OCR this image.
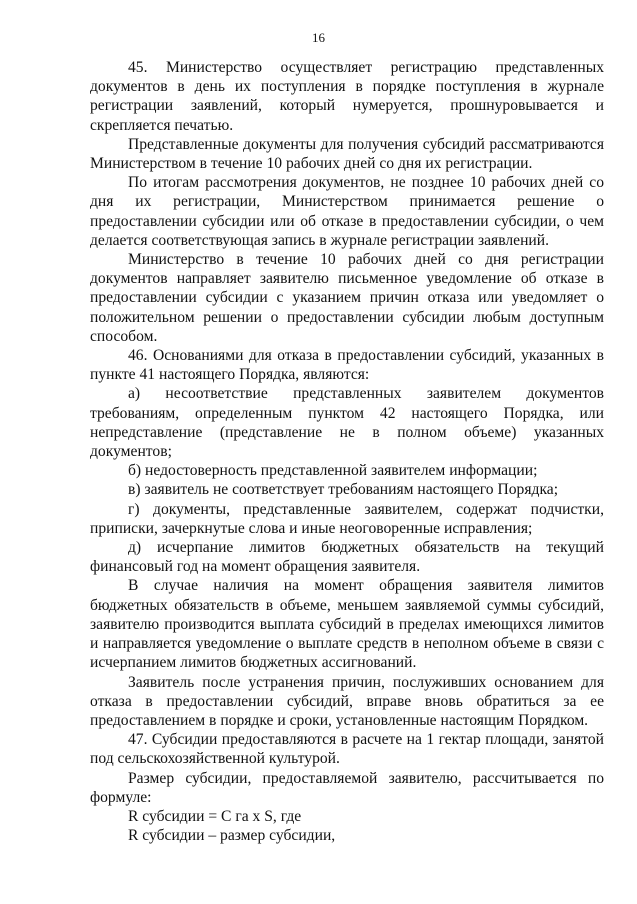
16

45. Министерство осуществляет регистрацию представленных документов в день их поступления в порядке поступления в журнале регистрации заявлений, который нумеруется, прошнуровывается и скрепляется печатью.

Представленные документы для получения субсидий рассматриваются Министерством в течение 10 рабочих дней со дня их регистрации.

По итогам рассмотрения документов, не позднее 10 рабочих дней со дня их регистрации, Министерством принимается решение о предоставлении субсидии или об отказе в предоставлении субсидии, о чем делается соответствующая запись в журнале регистрации заявлений.

Министерство в течение 10 рабочих дней со дня регистрации документов направляет заявителю письменное уведомление об отказе в предоставлении субсидии с указанием причин отказа или уведомляет о положительном решении о предоставлении субсидии любым доступным способом.

46. Основаниями для отказа в предоставлении субсидий, указанных в пункте 41 настоящего Порядка, являются:

а) несоответствие представленных заявителем документов требованиям, определенным пунктом 42 настоящего Порядка, или непредставление (представление не в полном объеме) указанных документов;

б) недостоверность представленной заявителем информации;

в) заявитель не соответствует требованиям настоящего Порядка;

г) документы, представленные заявителем, содержат подчистки, приписки, зачеркнутые слова и иные неоговоренные исправления;

д) исчерпание лимитов бюджетных обязательств на текущий финансовый год на момент обращения заявителя.

В случае наличия на момент обращения заявителя лимитов бюджетных обязательств в объеме, меньшем заявляемой суммы субсидий, заявителю производится выплата субсидий в пределах имеющихся лимитов и направляется уведомление о выплате средств в неполном объеме в связи с исчерпанием лимитов бюджетных ассигнований.

Заявитель после устранения причин, послуживших основанием для отказа в предоставлении субсидий, вправе вновь обратиться за ее предоставлением в порядке и сроки, установленные настоящим Порядком.

47. Субсидии предоставляются в расчете на 1 гектар площади, занятой под сельскохозяйственной культурой.

Размер субсидии, предоставляемой заявителю, рассчитывается по формуле:

R субсидии = С га х S, где

R субсидии – размер субсидии,
